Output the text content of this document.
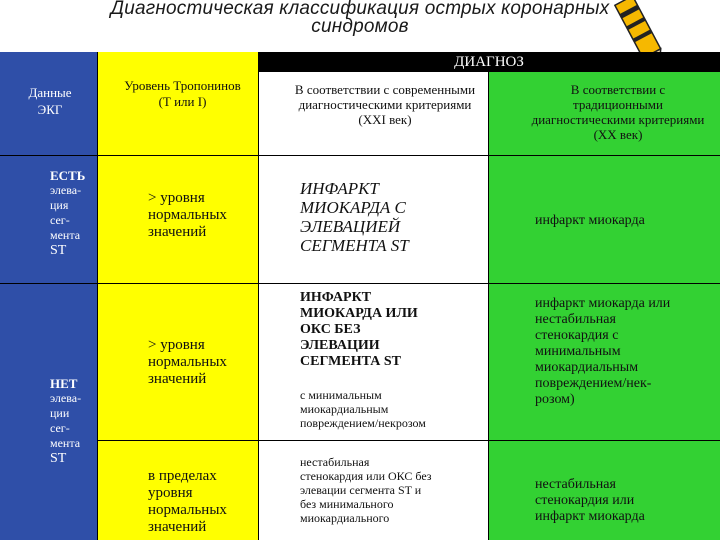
Диагностическая классификация острых коронарных
синдромов
ДИАГНОЗ
Данные
ЭКГ
Уровень Тропонинов (Т или I)
В соответствии с современными диагностическими критериями (XXI век)
В соответствии с традиционными диагностическими критериями (XX век)
ЕСТЬ
элева-
ция
сег-
мента
ST
> уровня
нормальных
значений
ИНФАРКТ
МИОКАРДА С
ЭЛЕВАЦИЕЙ
СЕГМЕНТА ST
инфаркт миокарда
НЕТ
элева-
ции
сег-
мента
ST
> уровня
нормальных
значений
ИНФАРКТ
МИОКАРДА ИЛИ
ОКС БЕЗ
ЭЛЕВАЦИИ
СЕГМЕНТА ST
с минимальным
миокардиальным
повреждением/некрозом
инфаркт миокарда или
нестабильная
стенокардия с
минимальным
миокардиальным
повреждением/нек-
розом)
в пределах
уровня
нормальных
значений
нестабильная
стенокардия или ОКС без
элевации сегмента ST и
без минимального
миокардиального
нестабильная
стенокардия или
инфаркт миокарда
